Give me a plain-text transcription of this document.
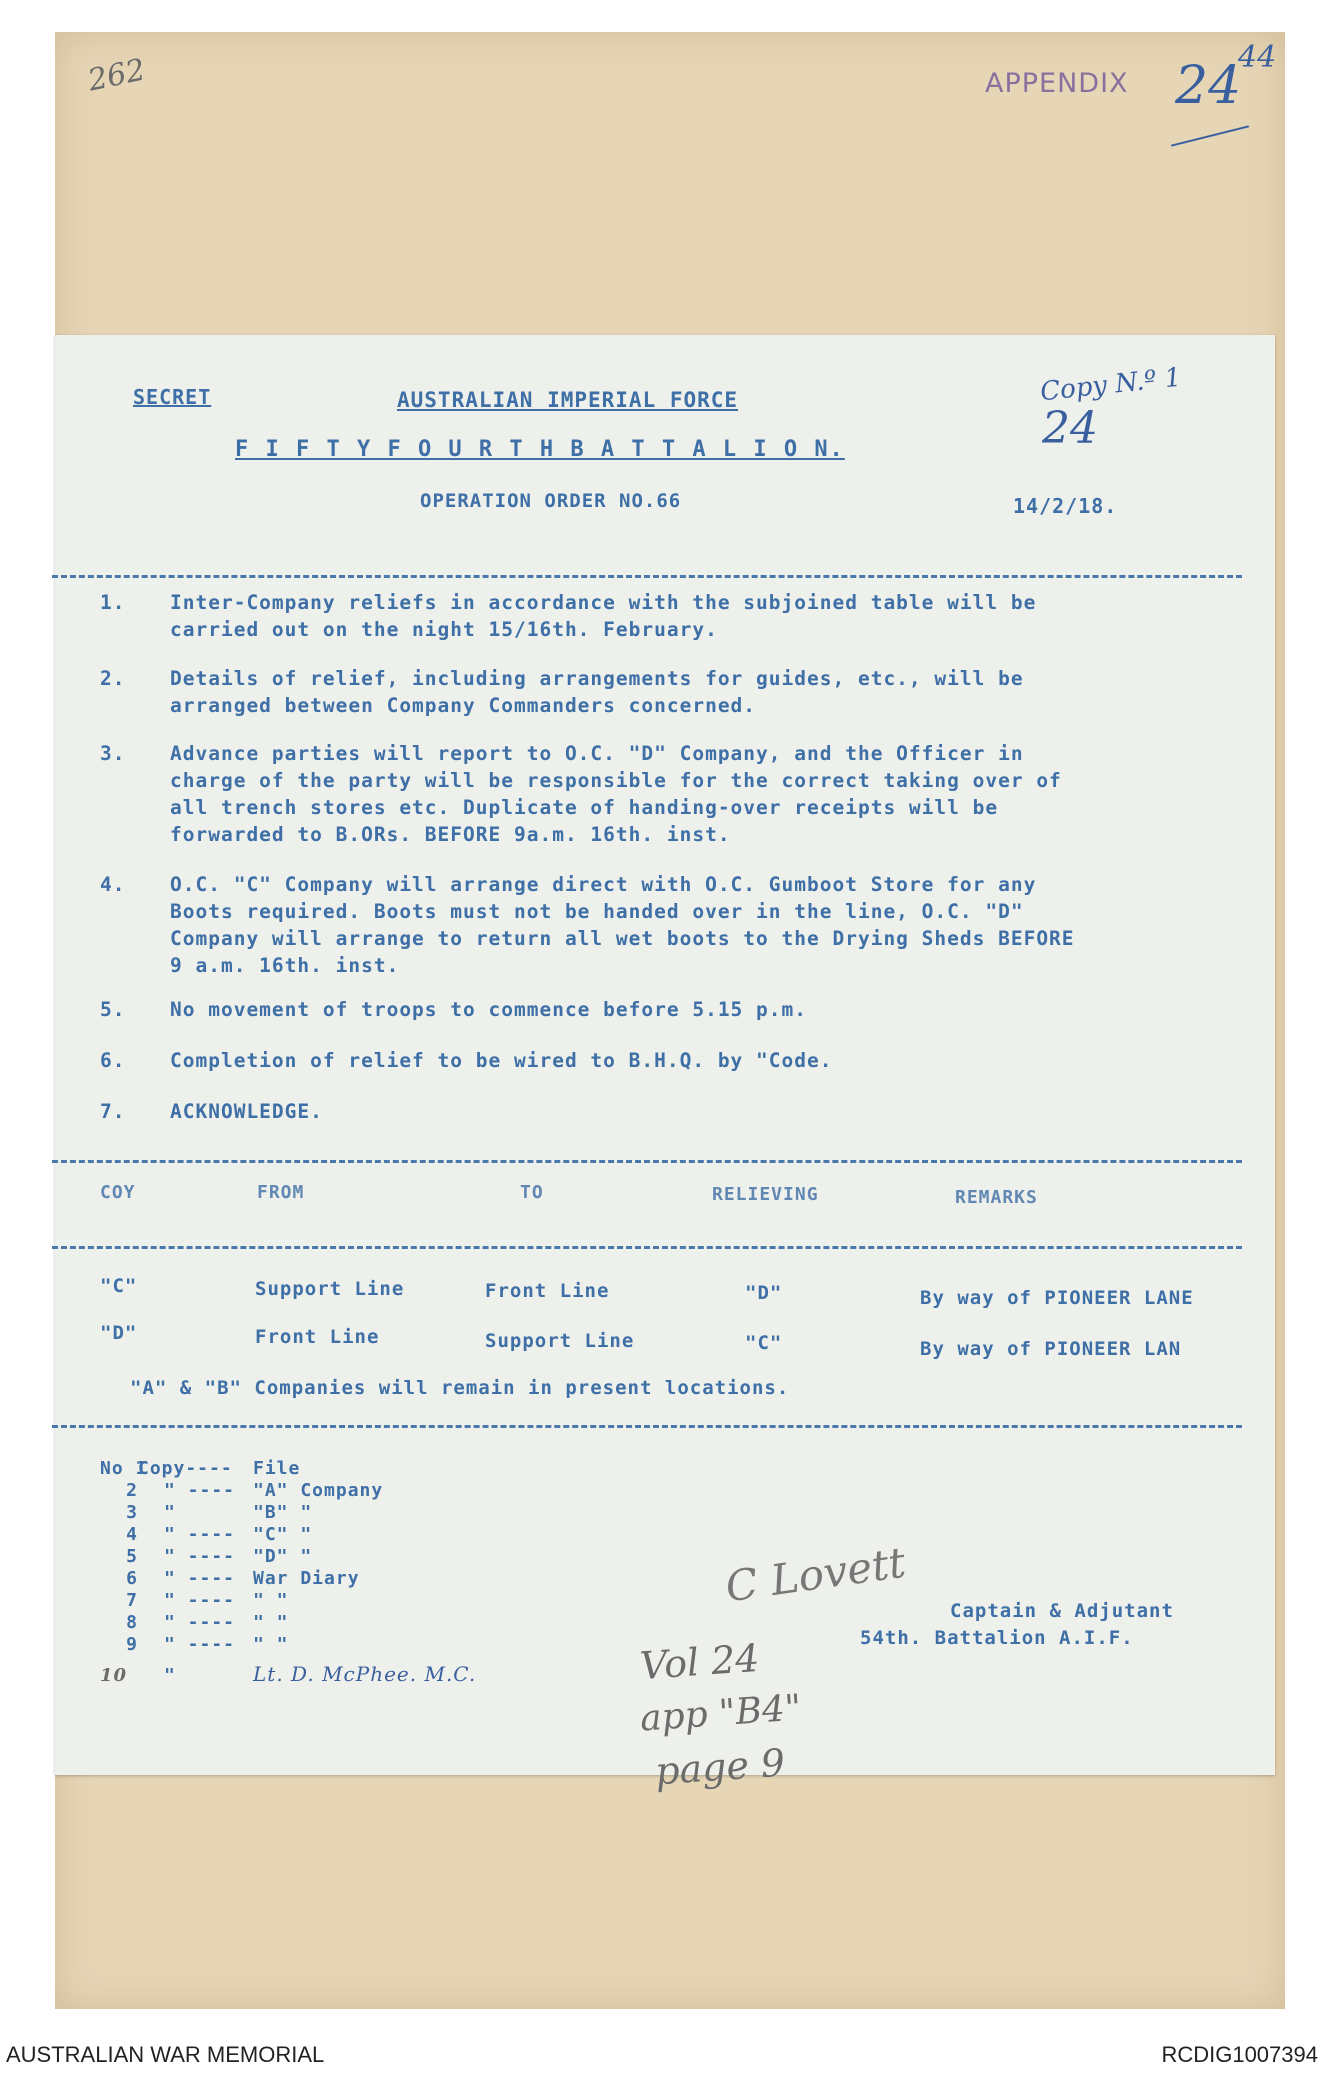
262	APPENDIX 24
44
SECRET	AUSTRALIAN IMPERIAL FORCE
F I F T Y F O U R T H B A T T A L I O N.
OPERATION ORDER NO.66	14/2/18.
Copy N.º 1
24
1. Inter-Company reliefs in accordance with the subjoined table will be
carried out on the night 15/16th. February.
2. Details of relief, including arrangements for guides, etc., will be
arranged between Company Commanders concerned.
3. Advance parties will report to O.C. "D" Company, and the Officer in
charge of the party will be responsible for the correct taking over of
all trench stores etc. Duplicate of handing-over receipts will be
forwarded to B.ORs. BEFORE 9a.m. 16th. inst.
4. O.C. "C" Company will arrange direct with O.C. Gumboot Store for any
Boots required. Boots must not be handed over in the line, O.C. "D"
Company will arrange to return all wet boots to the Drying Sheds BEFORE
9 a.m. 16th. inst.
5. No movement of troops to commence before 5.15 p.m.
6. Completion of relief to be wired to B.H.Q. by "Code.
7. ACKNOWLEDGE.
COY	FROM	TO	RELIEVING	REMARKS
"C"	Support Line	Front Line	"D"	By way of PIONEER LANE
"D"	Front Line	Support Line	"C"	By way of PIONEER LAN
"A" & "B" Companies will remain in present locations.
No 1Copy---- File
2 " ---- "A" Company
3 "	"B" "
4 " ---- "C" "
5 " ---- "D" "
6 " ---- War Diary
7 " ---- " "
8 " ---- " "
9 " ---- " "
10 "	Lt. D. McPhee. M.C.
C Lovett Captain & Adjutant
54th. Battalion A.I.F.
Vol 24
app "B4"
page 9
AUSTRALIAN WAR MEMORIAL	RCDIG1007394
